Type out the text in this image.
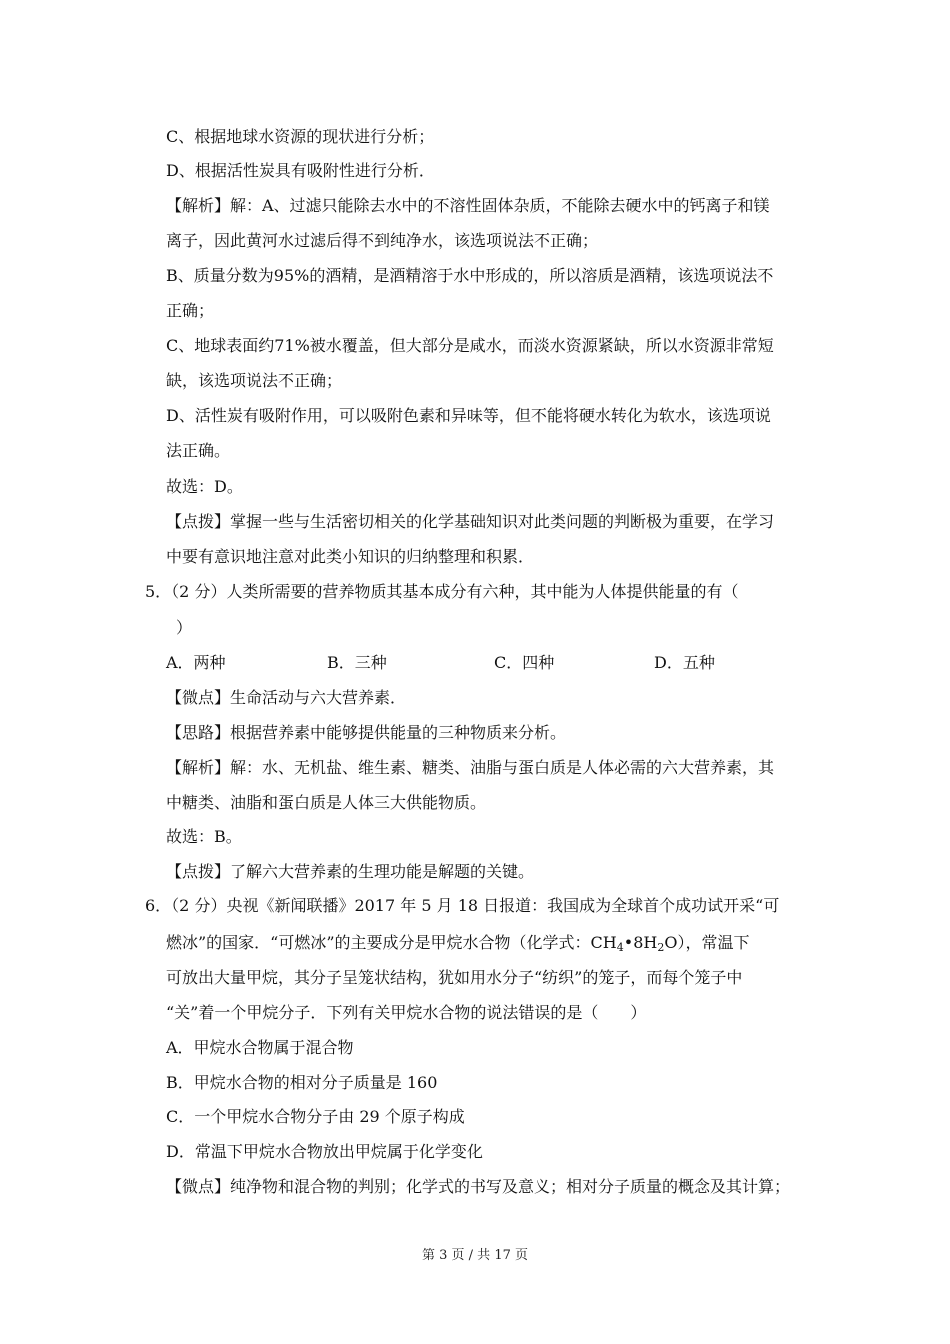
C、根据地球水资源的现状进行分析；
D、根据活性炭具有吸附性进行分析．
【解析】解：A、过滤只能除去水中的不溶性固体杂质，不能除去硬水中的钙离子和镁
离子，因此黄河水过滤后得不到纯净水，该选项说法不正确；
B、质量分数为95%的酒精，是酒精溶于水中形成的，所以溶质是酒精，该选项说法不
正确；
C、地球表面约71%被水覆盖，但大部分是咸水，而淡水资源紧缺，所以水资源非常短
缺，该选项说法不正确；
D、活性炭有吸附作用，可以吸附色素和异味等，但不能将硬水转化为软水，该选项说
法正确。
故选：D。
【点拨】掌握一些与生活密切相关的化学基础知识对此类问题的判断极为重要，在学习
中要有意识地注意对此类小知识的归纳整理和积累．
5．（2 分）人类所需要的营养物质其基本成分有六种，其中能为人体提供能量的有（
）
A．两种	B．三种	C．四种	D．五种
【微点】生命活动与六大营养素．
【思路】根据营养素中能够提供能量的三种物质来分析。
【解析】解：水、无机盐、维生素、糖类、油脂与蛋白质是人体必需的六大营养素，其
中糖类、油脂和蛋白质是人体三大供能物质。
故选：B。
【点拨】了解六大营养素的生理功能是解题的关键。
6．（2 分）央视《新闻联播》2017 年 5 月 18 日报道：我国成为全球首个成功试开采“可
燃冰”的国家．“可燃冰”的主要成分是甲烷水合物（化学式：$CH_4•8H_2O$），常温下
可放出大量甲烷，其分子呈笼状结构，犹如用水分子“纺织”的笼子，而每个笼子中
“关”着一个甲烷分子．下列有关甲烷水合物的说法错误的是（　　）
A．甲烷水合物属于混合物
B．甲烷水合物的相对分子质量是 160
C．一个甲烷水合物分子由 29 个原子构成
D．常温下甲烷水合物放出甲烷属于化学变化
【微点】纯净物和混合物的判别；化学式的书写及意义；相对分子质量的概念及其计算；
第 3 页 / 共 17 页
